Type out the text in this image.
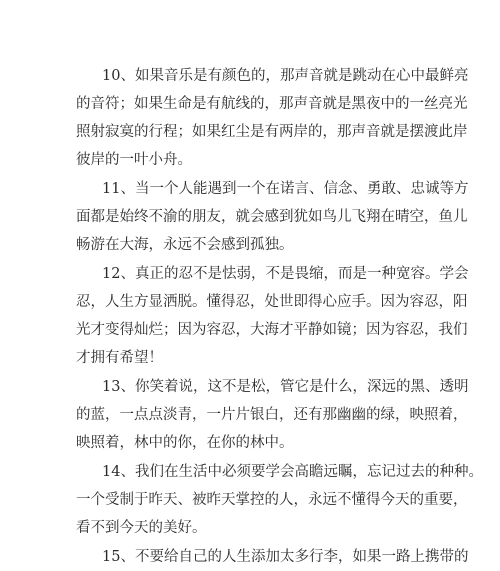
10、如果音乐是有颜色的，那声音就是跳动在心中最鲜亮
的音符；如果生命是有航线的，那声音就是黑夜中的一丝亮光
照射寂寞的行程；如果红尘是有两岸的，那声音就是摆渡此岸
彼岸的一叶小舟。
11、当一个人能遇到一个在诺言、信念、勇敢、忠诚等方
面都是始终不渝的朋友，就会感到犹如鸟儿飞翔在晴空，鱼儿
畅游在大海，永远不会感到孤独。
12、真正的忍不是怯弱，不是畏缩，而是一种宽容。学会
忍，人生方显洒脱。懂得忍，处世即得心应手。因为容忍，阳
光才变得灿烂；因为容忍，大海才平静如镜；因为容忍，我们
才拥有希望！
13、你笑着说，这不是松，管它是什么，深远的黑、透明
的蓝，一点点淡青，一片片银白，还有那幽幽的绿，映照着，
映照着，林中的你，在你的林中。
14、我们在生活中必须要学会高瞻远瞩，忘记过去的种种。
一个受制于昨天、被昨天掌控的人，永远不懂得今天的重要，
看不到今天的美好。
15、不要给自己的人生添加太多行李，如果一路上携带的
